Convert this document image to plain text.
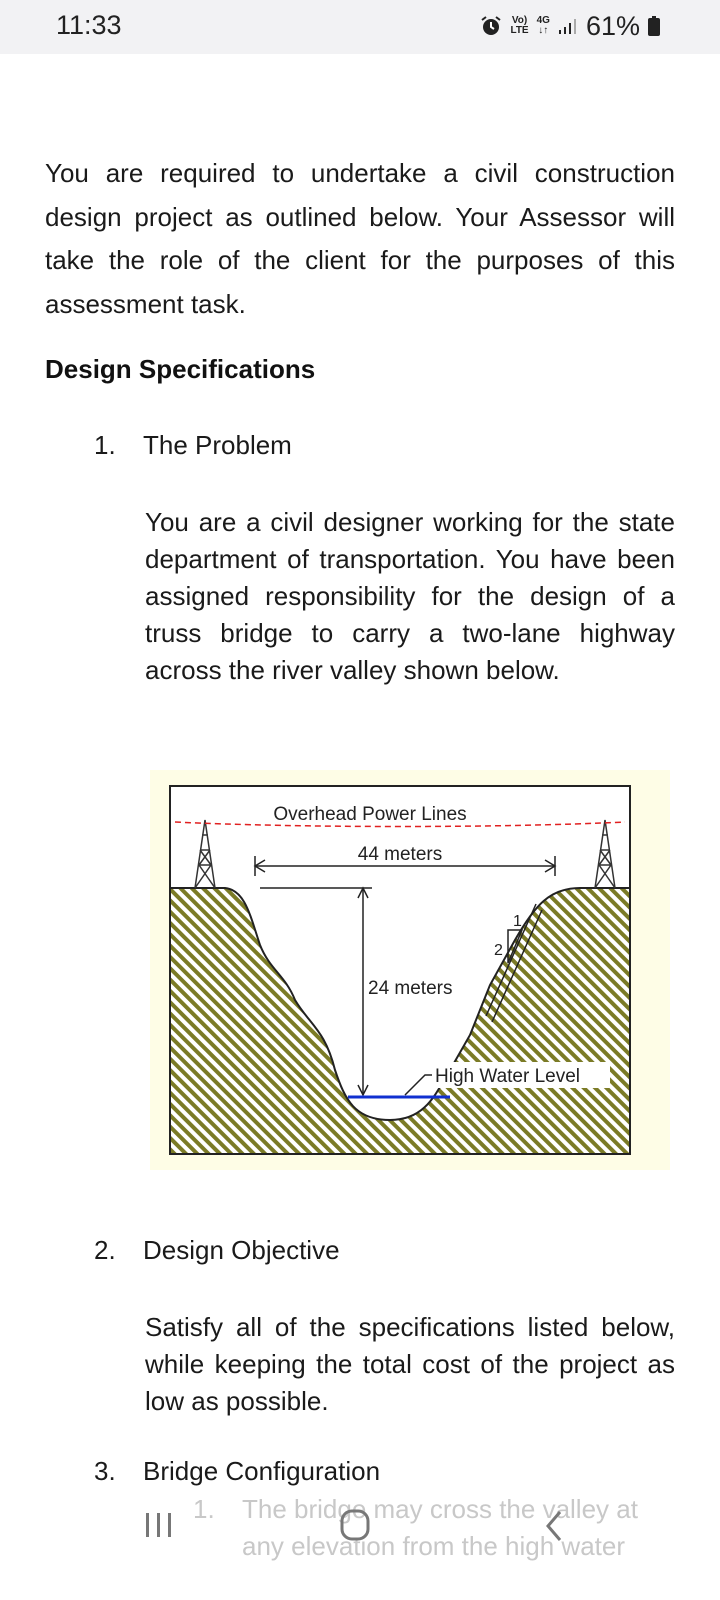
11:33	Vo)
LTE
4G
↓↑ 61%

You are required to undertake a civil construction design project as outlined below. Your Assessor will take the role of the client for the purposes of this assessment task.

Design Specifications
1. The Problem

You are a civil designer working for the state department of transportation. You have been assigned responsibility for the design of a truss bridge to carry a two-lane highway across the river valley shown below.

Overhead Power Lines
44 meters
24 meters
1
2
High Water Level
2. Design Objective

Satisfy all of the specifications listed below, while keeping the total cost of the project as low as possible.

3. Bridge Configuration
1. The bridge may cross the valley at
any elevation from the high water
